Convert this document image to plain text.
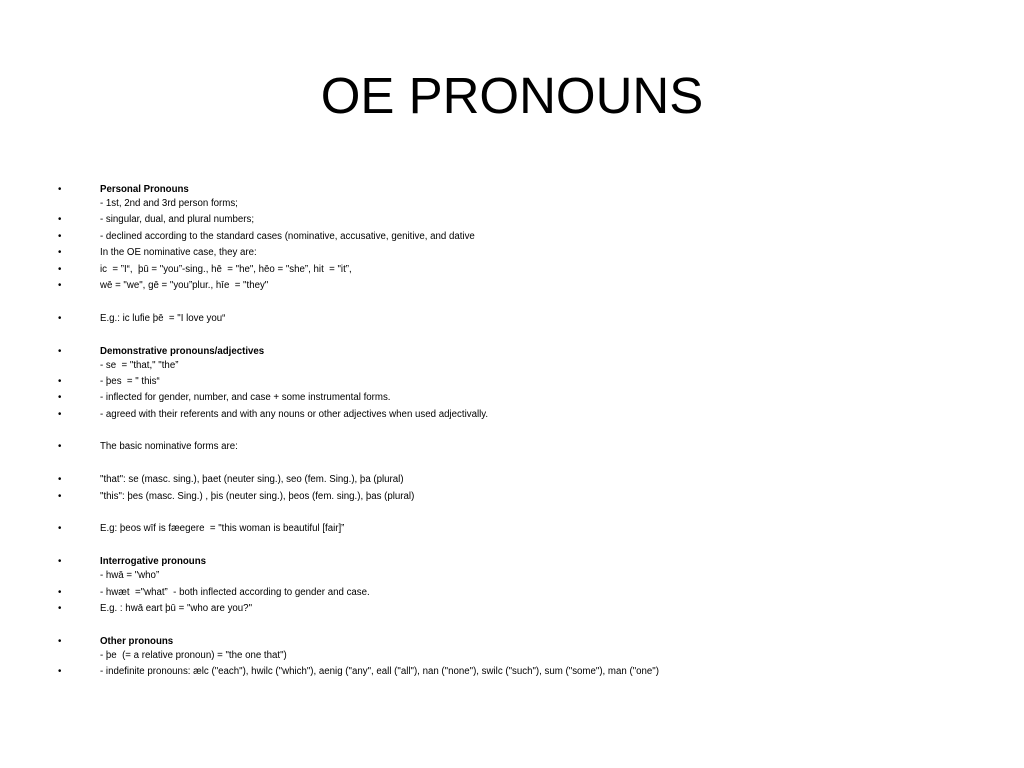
OE PRONOUNS
•
Personal Pronouns
- 1st, 2nd and 3rd person forms;
•
- singular, dual, and plural numbers;
•
- declined according to the standard cases (nominative, accusative, genitive, and dative
•
In the OE nominative case, they are:
•
ic  = ”I“,  þū = "you”-sing., hē  = "he", hēo = "she”, hit  = "it”,
•
wē = "we", gē = "you”plur., hīe  = "they"
•
E.g.: ic lufie þē  = "I love you“
•
Demonstrative pronouns/adjectives
- se  = "that," "the”
•
- þes  = " this“
•
- inflected for gender, number, and case + some instrumental forms.
•
- agreed with their referents and with any nouns or other adjectives when used adjectivally.
•
The basic nominative forms are:
•
"that": se (masc. sing.), þaet (neuter sing.), seo (fem. Sing.), þa (plural)
•
"this": þes (masc. Sing.) , þis (neuter sing.), þeos (fem. sing.), þas (plural)
•
E.g: þeos wīf is fæegere  = "this woman is beautiful [fair]”
•
Interrogative pronouns
- hwā = "who”
•
- hwæt  ="what”  - both inflected according to gender and case.
•
E.g. : hwā eart þū = "who are you?"
•
Other pronouns
- þe  (= a relative pronoun) = "the one that")
•
- indefinite pronouns: ælc ("each"), hwilc ("which"), aenig ("any", eall ("all"), nan ("none"), swilc ("such"), sum ("some"), man ("one")
